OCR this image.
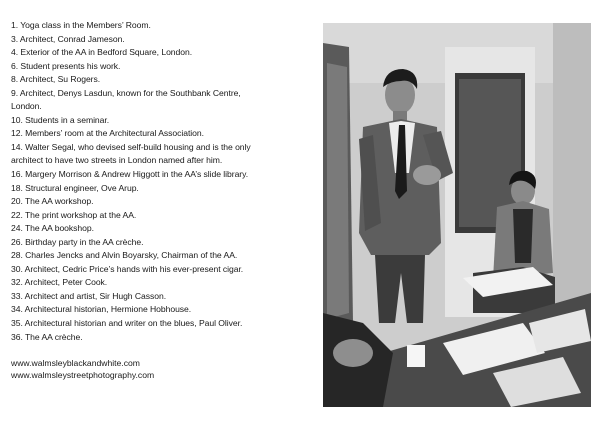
1. Yoga class in the Members’ Room.
3. Architect, Conrad Jameson.
4. Exterior of the AA in Bedford Square, London.
6. Student presents his work.
8. Architect, Su Rogers.
9. Architect, Denys Lasdun, known for the Southbank Centre,
London.
10. Students in a seminar.
12. Members’ room at the Architectural Association.
14. Walter Segal, who devised self-build housing and is the only
architect to have two streets in London named after him.
16. Margery Morrison & Andrew Higgott in the AA’s slide library.
18. Structural engineer, Ove Arup.
20. The AA workshop.
22. The print workshop at the AA.
24. The AA bookshop.
26. Birthday party in the AA crèche.
28. Charles Jencks and Alvin Boyarsky, Chairman of the AA.
30. Architect, Cedric Price’s hands with his ever-present cigar.
32. Architect, Peter Cook.
33. Architect and artist, Sir Hugh Casson.
34. Architectural historian, Hermione Hobhouse.
35. Architectural historian and writer on the blues, Paul Oliver.
36. The AA crèche.
www.walmsleyblackandwhite.com
www.walmsleystreetphotography.com
